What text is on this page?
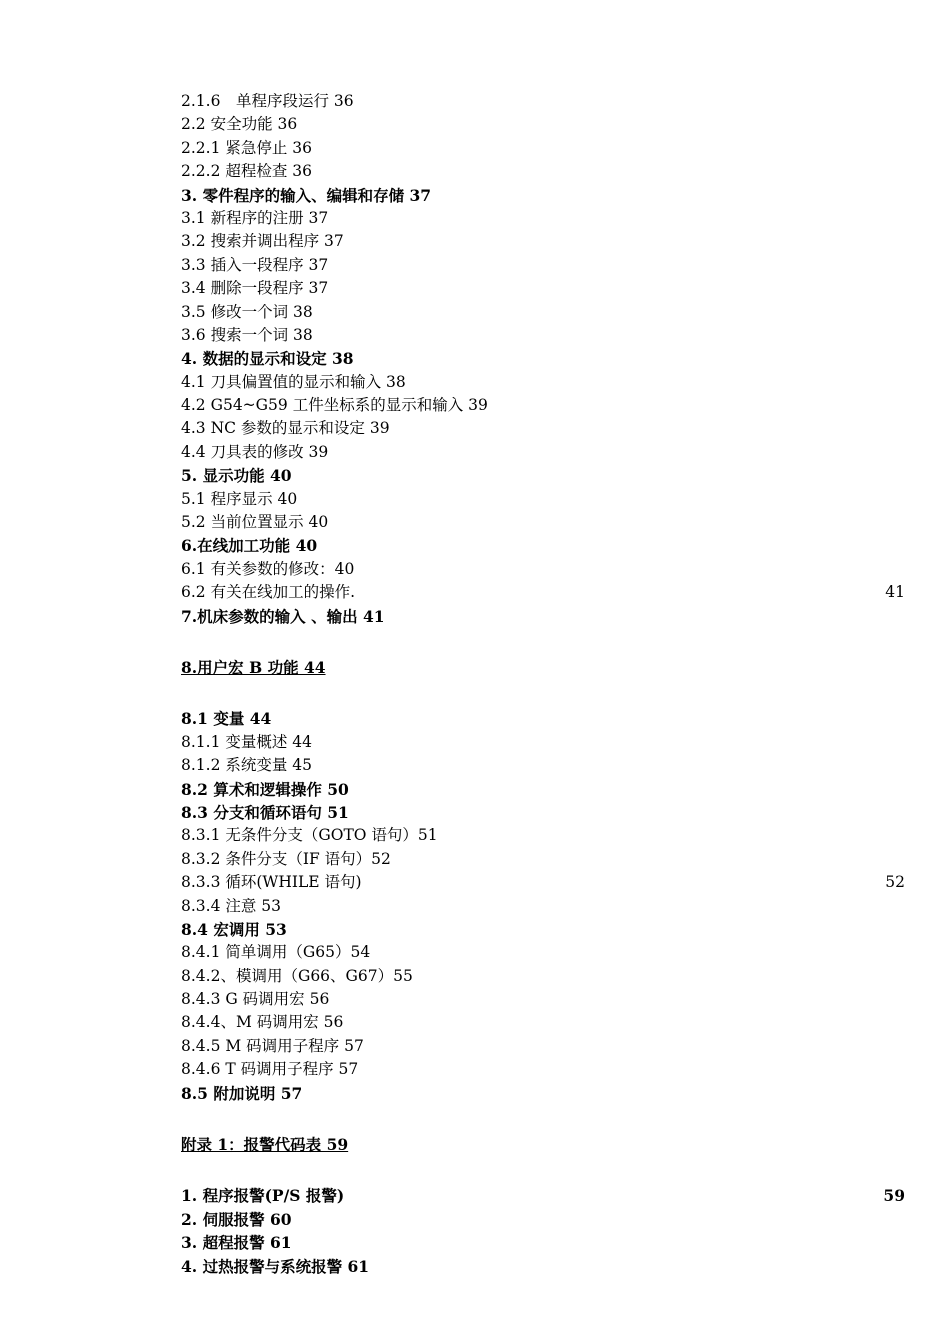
2.1.6　单程序段运行 36
2.2 安全功能 36
2.2.1 紧急停止 36
2.2.2 超程检查 36
3. 零件程序的输入、编辑和存储 37
3.1 新程序的注册 37
3.2 搜索并调出程序 37
3.3 插入一段程序 37
3.4 删除一段程序 37
3.5 修改一个词 38
3.6 搜索一个词 38
4. 数据的显示和设定 38
4.1 刀具偏置值的显示和输入 38
4.2 G54~G59 工件坐标系的显示和输入 39
4.3 NC 参数的显示和设定 39
4.4 刀具表的修改 39
5. 显示功能 40
5.1 程序显示 40
5.2 当前位置显示 40
6.在线加工功能 40
6.1 有关参数的修改：40
6.2 有关在线加工的操作.	41
7.机床参数的输入 、输出 41
8.用户宏 B 功能 44
8.1 变量 44
8.1.1 变量概述 44
8.1.2 系统变量 45
8.2 算术和逻辑操作 50
8.3 分支和循环语句 51
8.3.1 无条件分支（GOTO 语句）51
8.3.2 条件分支（IF 语句）52
8.3.3 循环(WHILE 语句)	52
8.3.4 注意 53
8.4 宏调用 53
8.4.1 简单调用（G65）54
8.4.2、模调用（G66、G67）55
8.4.3 G 码调用宏 56
8.4.4、M 码调用宏 56
8.4.5 M 码调用子程序 57
8.4.6 T 码调用子程序 57
8.5 附加说明 57
附录 1：报警代码表 59
1. 程序报警(P/S 报警)	59
2. 伺服报警 60
3. 超程报警 61
4. 过热报警与系统报警 61
